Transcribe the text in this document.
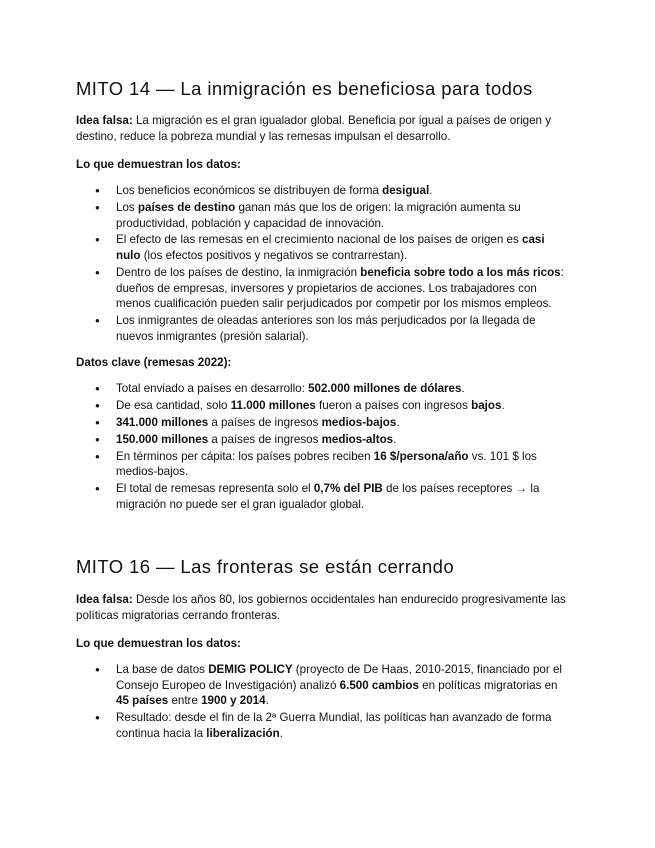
MITO 14 — La inmigración es beneficiosa para todos
Idea falsa: La migración es el gran igualador global. Beneficia por igual a países de origen y destino, reduce la pobreza mundial y las remesas impulsan el desarrollo.
Lo que demuestran los datos:
● Los beneficios económicos se distribuyen de forma desigual.
● Los países de destino ganan más que los de origen: la migración aumenta su productividad, población y capacidad de innovación.
● El efecto de las remesas en el crecimiento nacional de los países de origen es casi nulo (los efectos positivos y negativos se contrarrestan).
● Dentro de los países de destino, la inmigración beneficia sobre todo a los más ricos: dueños de empresas, inversores y propietarios de acciones. Los trabajadores con menos cualificación pueden salir perjudicados por competir por los mismos empleos.
● Los inmigrantes de oleadas anteriores son los más perjudicados por la llegada de nuevos inmigrantes (presión salarial).
Datos clave (remesas 2022):
● Total enviado a países en desarrollo: 502.000 millones de dólares.
● De esa cantidad, solo 11.000 millones fueron a países con ingresos bajos.
● 341.000 millones a países de ingresos medios-bajos.
● 150.000 millones a países de ingresos medios-altos.
● En términos per cápita: los países pobres reciben 16 $/persona/año vs. 101 $ los medios-bajos.
● El total de remesas representa solo el 0,7% del PIB de los países receptores → la migración no puede ser el gran igualador global.
MITO 16 — Las fronteras se están cerrando
Idea falsa: Desde los años 80, los gobiernos occidentales han endurecido progresivamente las políticas migratorias cerrando fronteras.
Lo que demuestran los datos:
● La base de datos DEMIG POLICY (proyecto de De Haas, 2010-2015, financiado por el Consejo Europeo de Investigación) analizó 6.500 cambios en políticas migratorias en 45 países entre 1900 y 2014.
● Resultado: desde el fin de la 2ª Guerra Mundial, las políticas han avanzado de forma continua hacia la liberalización.
